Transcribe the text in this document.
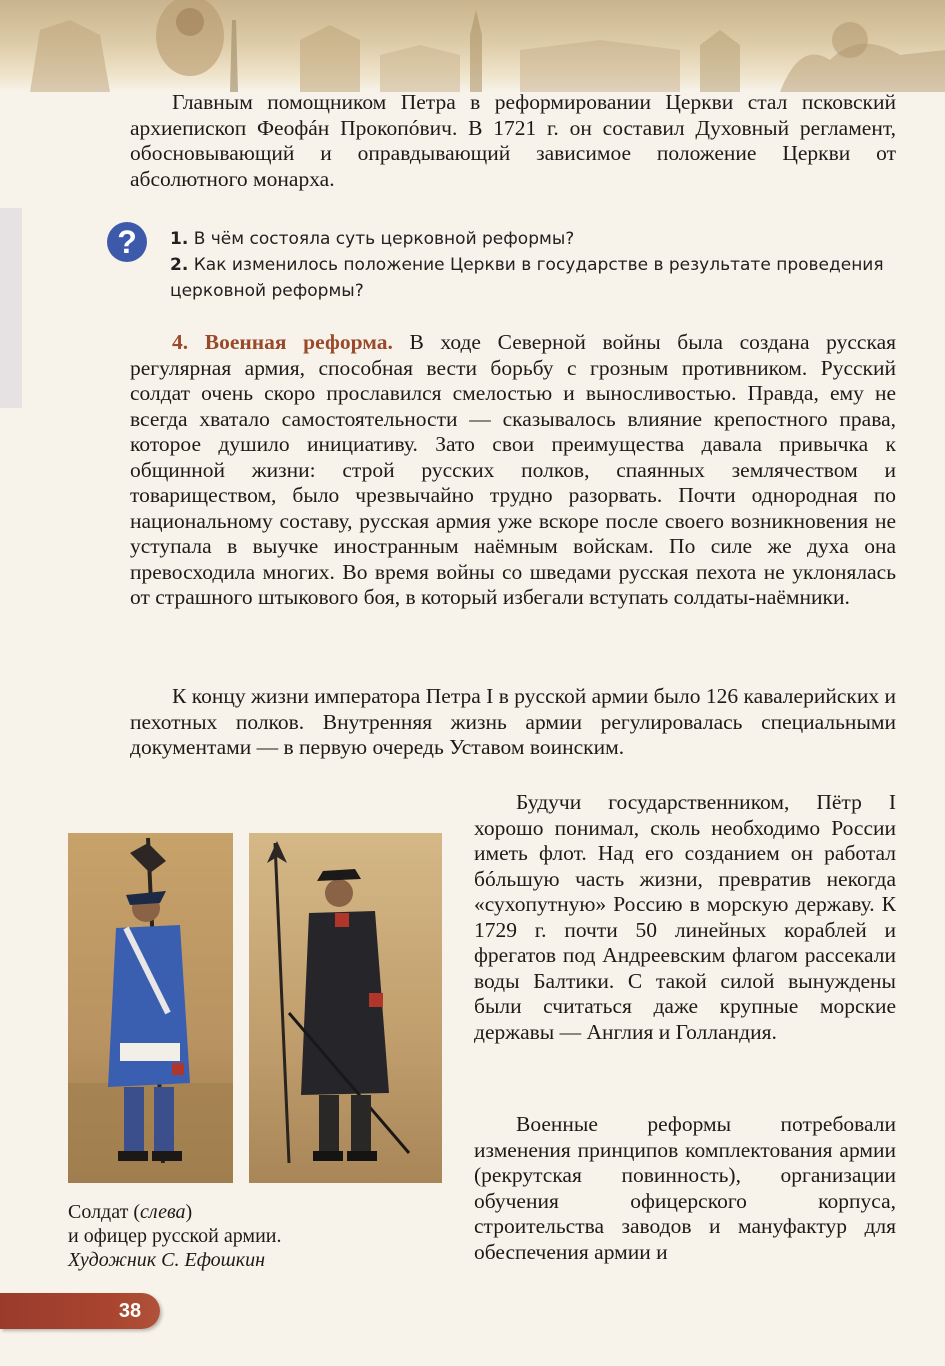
Главным помощником Петра в реформировании Церкви стал псковский архиепископ Феофáн Прокопóвич. В 1721 г. он составил Духовный регламент, обосновывающий и оправдывающий зависимое положение Церкви от абсолютного монарха.

?	1. В чём состояла суть церковной реформы?
2. Как изменилось положение Церкви в государстве в результате проведения церковной реформы?

4. Военная реформа. В ходе Северной войны была создана русская регулярная армия, способная вести борьбу с грозным противником. Русский солдат очень скоро прославился смелостью и выносливостью. Правда, ему не всегда хватало самостоятельности — сказывалось влияние крепостного права, которое душило инициативу. Зато свои преимущества давала привычка к общинной жизни: строй русских полков, спаянных землячеством и товариществом, было чрезвычайно трудно разорвать. Почти однородная по национальному составу, русская армия уже вскоре после своего возникновения не уступала в выучке иностранным наёмным войскам. По силе же духа она превосходила многих. Во время войны со шведами русская пехота не уклонялась от страшного штыкового боя, в который избегали вступать солдаты-наёмники.

К концу жизни императора Петра I в русской армии было 126 кавалерийских и пехотных полков. Внутренняя жизнь армии регулировалась специальными документами — в первую очередь Уставом воинским.

Будучи государственником, Пётр I хорошо понимал, сколь необходимо России иметь флот. Над его созданием он работал бóльшую часть жизни, превратив некогда «сухопутную» Россию в морскую державу. К 1729 г. почти 50 линейных кораблей и фрегатов под Андреевским флагом рассекали воды Балтики. С такой силой вынуждены были считаться даже крупные морские державы — Англия и Голландия.

Военные реформы потребовали изменения принципов комплектования армии (рекрутская повинность), организации обучения офицерского корпуса, строительства заводов и мануфактур для обеспечения армии и

Солдат (слева)
и офицер русской армии.
Художник С. Ефошкин
38
